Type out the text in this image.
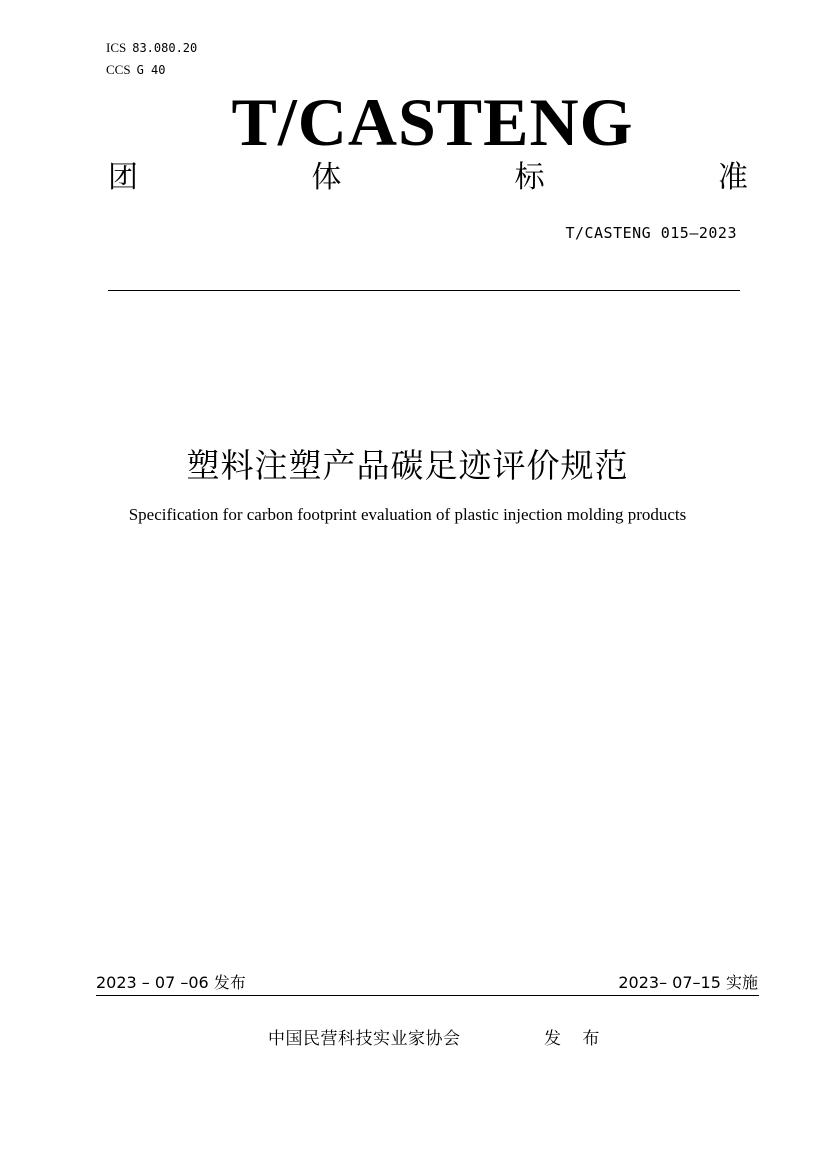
ICS 83.080.20
CCS G 40
T/CASTENG
团	体	标	准
T/CASTENG 015—2023
塑料注塑产品碳足迹评价规范
Specification for carbon footprint evaluation of plastic injection molding products
2023 – 07 –06 发布	2023– 07–15 实施
中国民营科技实业家协会	发 布
